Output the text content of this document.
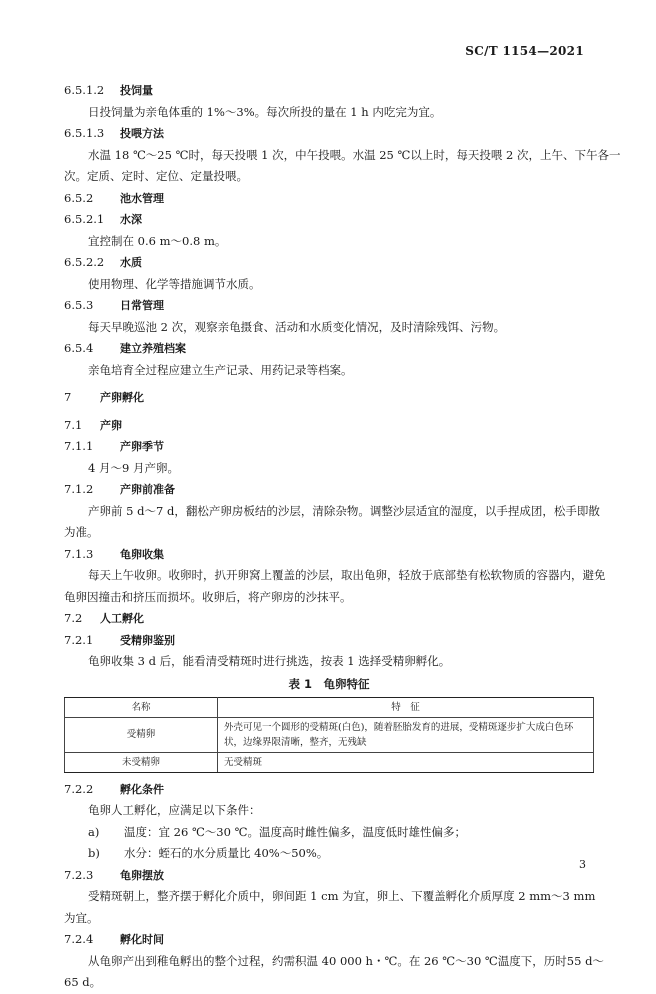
SC/T 1154—2021
6.5.1.2 投饲量
日投饲量为亲龟体重的 1%～3%。每次所投的量在 1 h 内吃完为宜。
6.5.1.3 投喂方法
水温 18 ℃～25 ℃时，每天投喂 1 次，中午投喂。水温 25 ℃以上时，每天投喂 2 次，上午、下午各一
次。定质、定时、定位、定量投喂。
6.5.2 池水管理
6.5.2.1 水深
宜控制在 0.6 m～0.8 m。
6.5.2.2 水质
使用物理、化学等措施调节水质。
6.5.3 日常管理
每天早晚巡池 2 次，观察亲龟摄食、活动和水质变化情况，及时清除残饵、污物。
6.5.4 建立养殖档案
亲龟培育全过程应建立生产记录、用药记录等档案。
7	产卵孵化
7.1 产卵
7.1.1 产卵季节
4 月～9 月产卵。
7.1.2 产卵前准备
产卵前 5 d～7 d，翻松产卵房板结的沙层，清除杂物。调整沙层适宜的湿度，以手捏成团，松手即散
为准。
7.1.3 龟卵收集
每天上午收卵。收卵时，扒开卵窝上覆盖的沙层，取出龟卵，轻放于底部垫有松软物质的容器内，避免
龟卵因撞击和挤压而损坏。收卵后，将产卵房的沙抹平。
7.2 人工孵化
7.2.1 受精卵鉴别
龟卵收集 3 d 后，能看清受精斑时进行挑选，按表 1 选择受精卵孵化。
表 1　龟卵特征
名称	特　征
受精卵	外壳可见一个圆形的受精斑(白色)，随着胚胎发育的进展，受精斑逐步扩大成白色环状，边缘界限清晰，整齐，无残缺
未受精卵	无受精斑
7.2.2 孵化条件
龟卵人工孵化，应满足以下条件：
a) 温度：宜 26 ℃～30 ℃。温度高时雌性偏多，温度低时雄性偏多；
b) 水分：蛭石的水分质量比 40%～50%。
7.2.3 龟卵摆放
受精斑朝上，整齐摆于孵化介质中，卵间距 1 cm 为宜，卵上、下覆盖孵化介质厚度 2 mm～3 mm
为宜。
7.2.4 孵化时间
从龟卵产出到稚龟孵出的整个过程，约需积温 40 000 h・℃。在 26 ℃～30 ℃温度下，历时55 d～
65 d。
3
